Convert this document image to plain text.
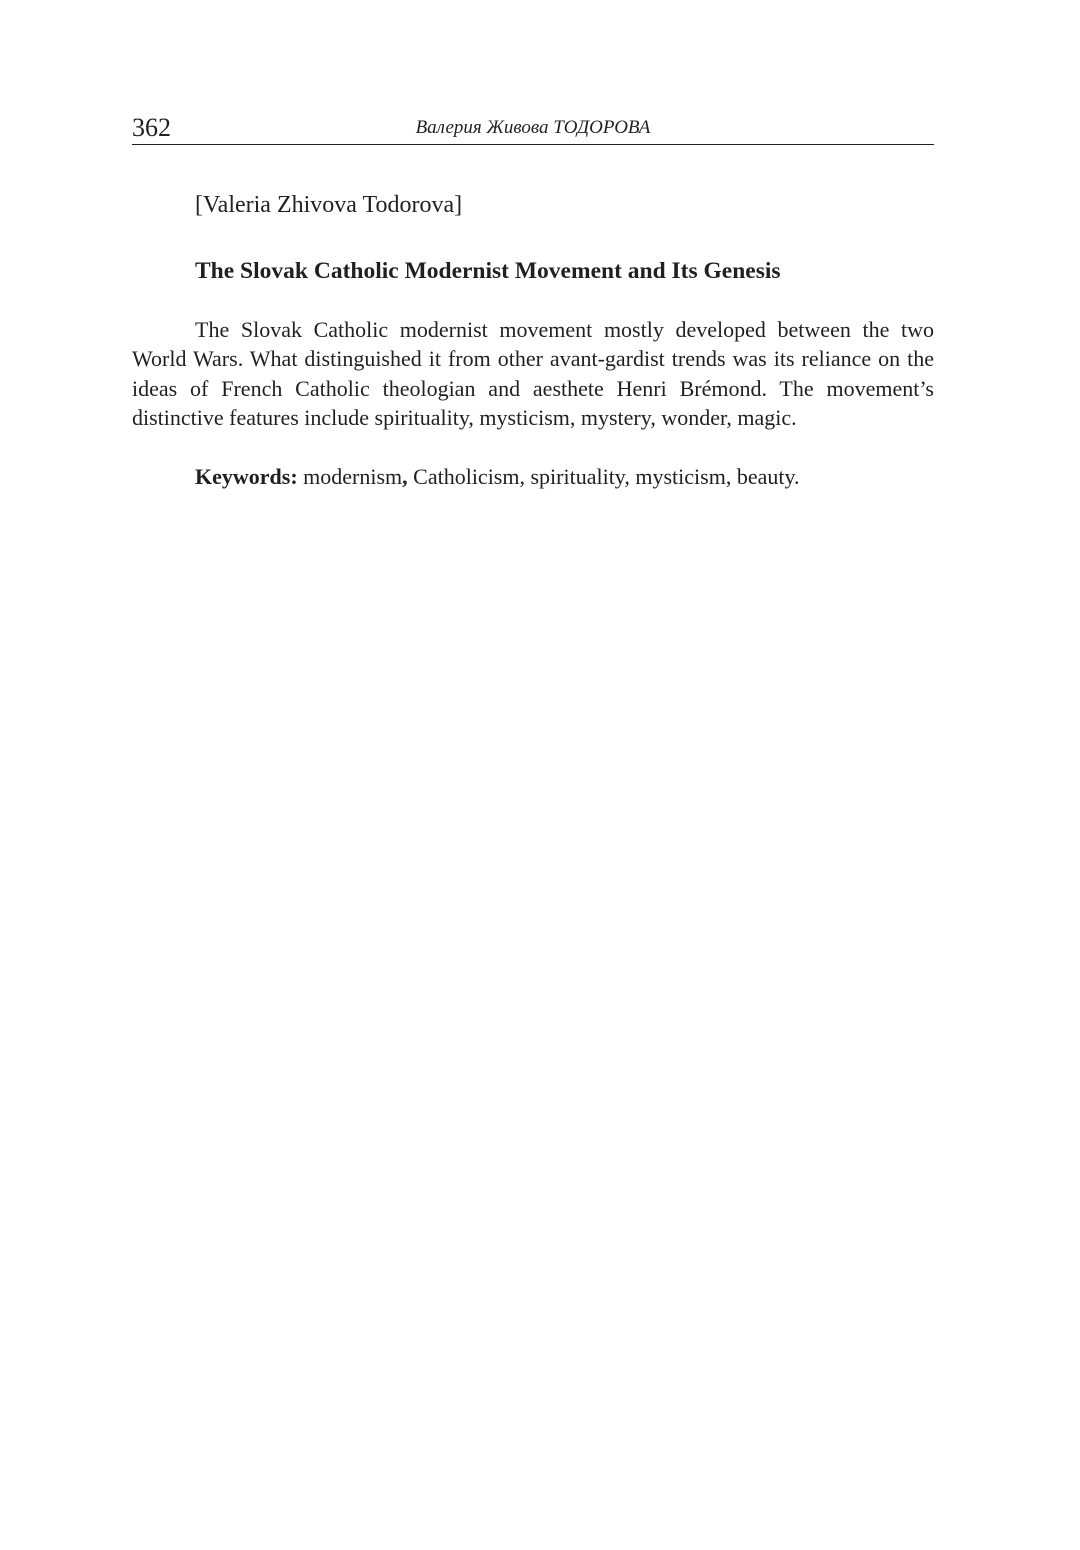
362	Валерия Живова ТОДОРОВА
[Valeria Zhivova Todorova]
The Slovak Catholic Modernist Movement and Its Genesis

The Slovak Catholic modernist movement mostly developed between the two World Wars. What distinguished it from other avant-gardist trends was its reliance on the ideas of French Catholic theologian and aesthete Henri Brémond. The movement’s distinctive features include spirituality, mysticism, mystery, wonder, magic.

Keywords: modernism, Catholicism, spirituality, mysticism, beauty.
